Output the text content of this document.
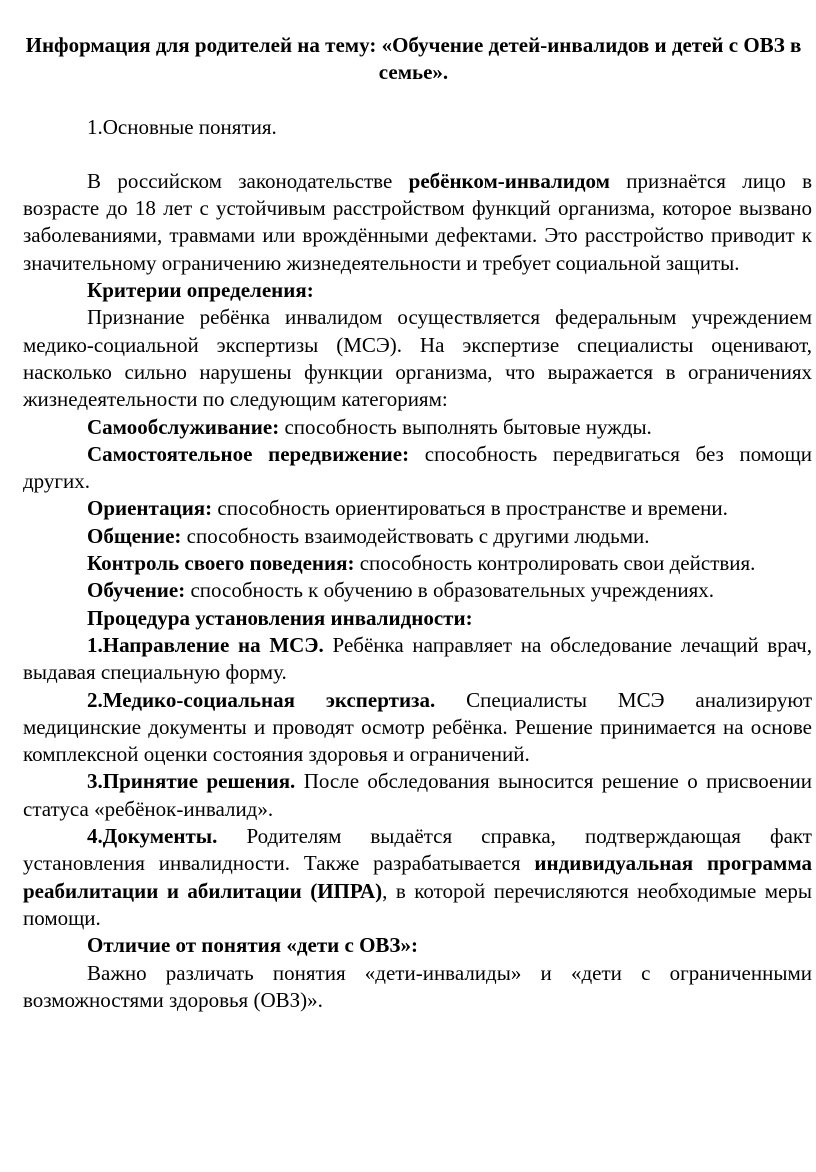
Информация для родителей на тему: «Обучение детей-инвалидов и детей с ОВЗ в семье».

1.Основные понятия.

В российском законодательстве ребёнком-инвалидом признаётся лицо в возрасте до 18 лет с устойчивым расстройством функций организма, которое вызвано заболеваниями, травмами или врождёнными дефектами. Это расстройство приводит к значительному ограничению жизнедеятельности и требует социальной защиты.

Критерии определения:

Признание ребёнка инвалидом осуществляется федеральным учреждением медико-социальной экспертизы (МСЭ). На экспертизе специалисты оценивают, насколько сильно нарушены функции организма, что выражается в ограничениях жизнедеятельности по следующим категориям:

Самообслуживание: способность выполнять бытовые нужды.

Самостоятельное передвижение: способность передвигаться без помощи других.

Ориентация: способность ориентироваться в пространстве и времени.

Общение: способность взаимодействовать с другими людьми.

Контроль своего поведения: способность контролировать свои действия.

Обучение: способность к обучению в образовательных учреждениях.

Процедура установления инвалидности:

1.Направление на МСЭ. Ребёнка направляет на обследование лечащий врач, выдавая специальную форму.

2.Медико-социальная экспертиза. Специалисты МСЭ анализируют медицинские документы и проводят осмотр ребёнка. Решение принимается на основе комплексной оценки состояния здоровья и ограничений.

3.Принятие решения. После обследования выносится решение о присвоении статуса «ребёнок-инвалид».

4.Документы. Родителям выдаётся справка, подтверждающая факт установления инвалидности. Также разрабатывается индивидуальная программа реабилитации и абилитации (ИПРА), в которой перечисляются необходимые меры помощи.

Отличие от понятия «дети с ОВЗ»:

Важно различать понятия «дети-инвалиды» и «дети с ограниченными возможностями здоровья (ОВЗ)».
